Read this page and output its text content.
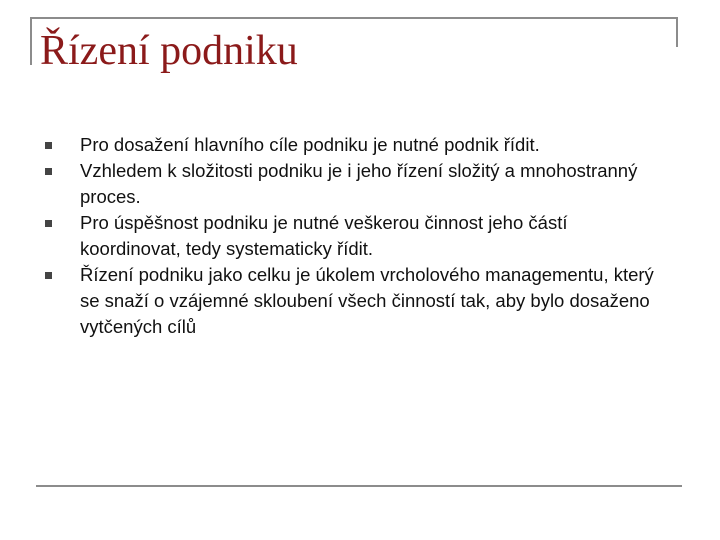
Řízení podniku
Pro dosažení hlavního cíle podniku je nutné podnik řídit.
Vzhledem k složitosti podniku je i jeho řízení složitý a mnohostranný proces.
Pro úspěšnost podniku je nutné veškerou činnost jeho částí koordinovat, tedy systematicky řídit.
Řízení podniku jako celku je úkolem vrcholového managementu, který se snaží o vzájemné skloubení všech činností tak, aby bylo dosaženo vytčených cílů
